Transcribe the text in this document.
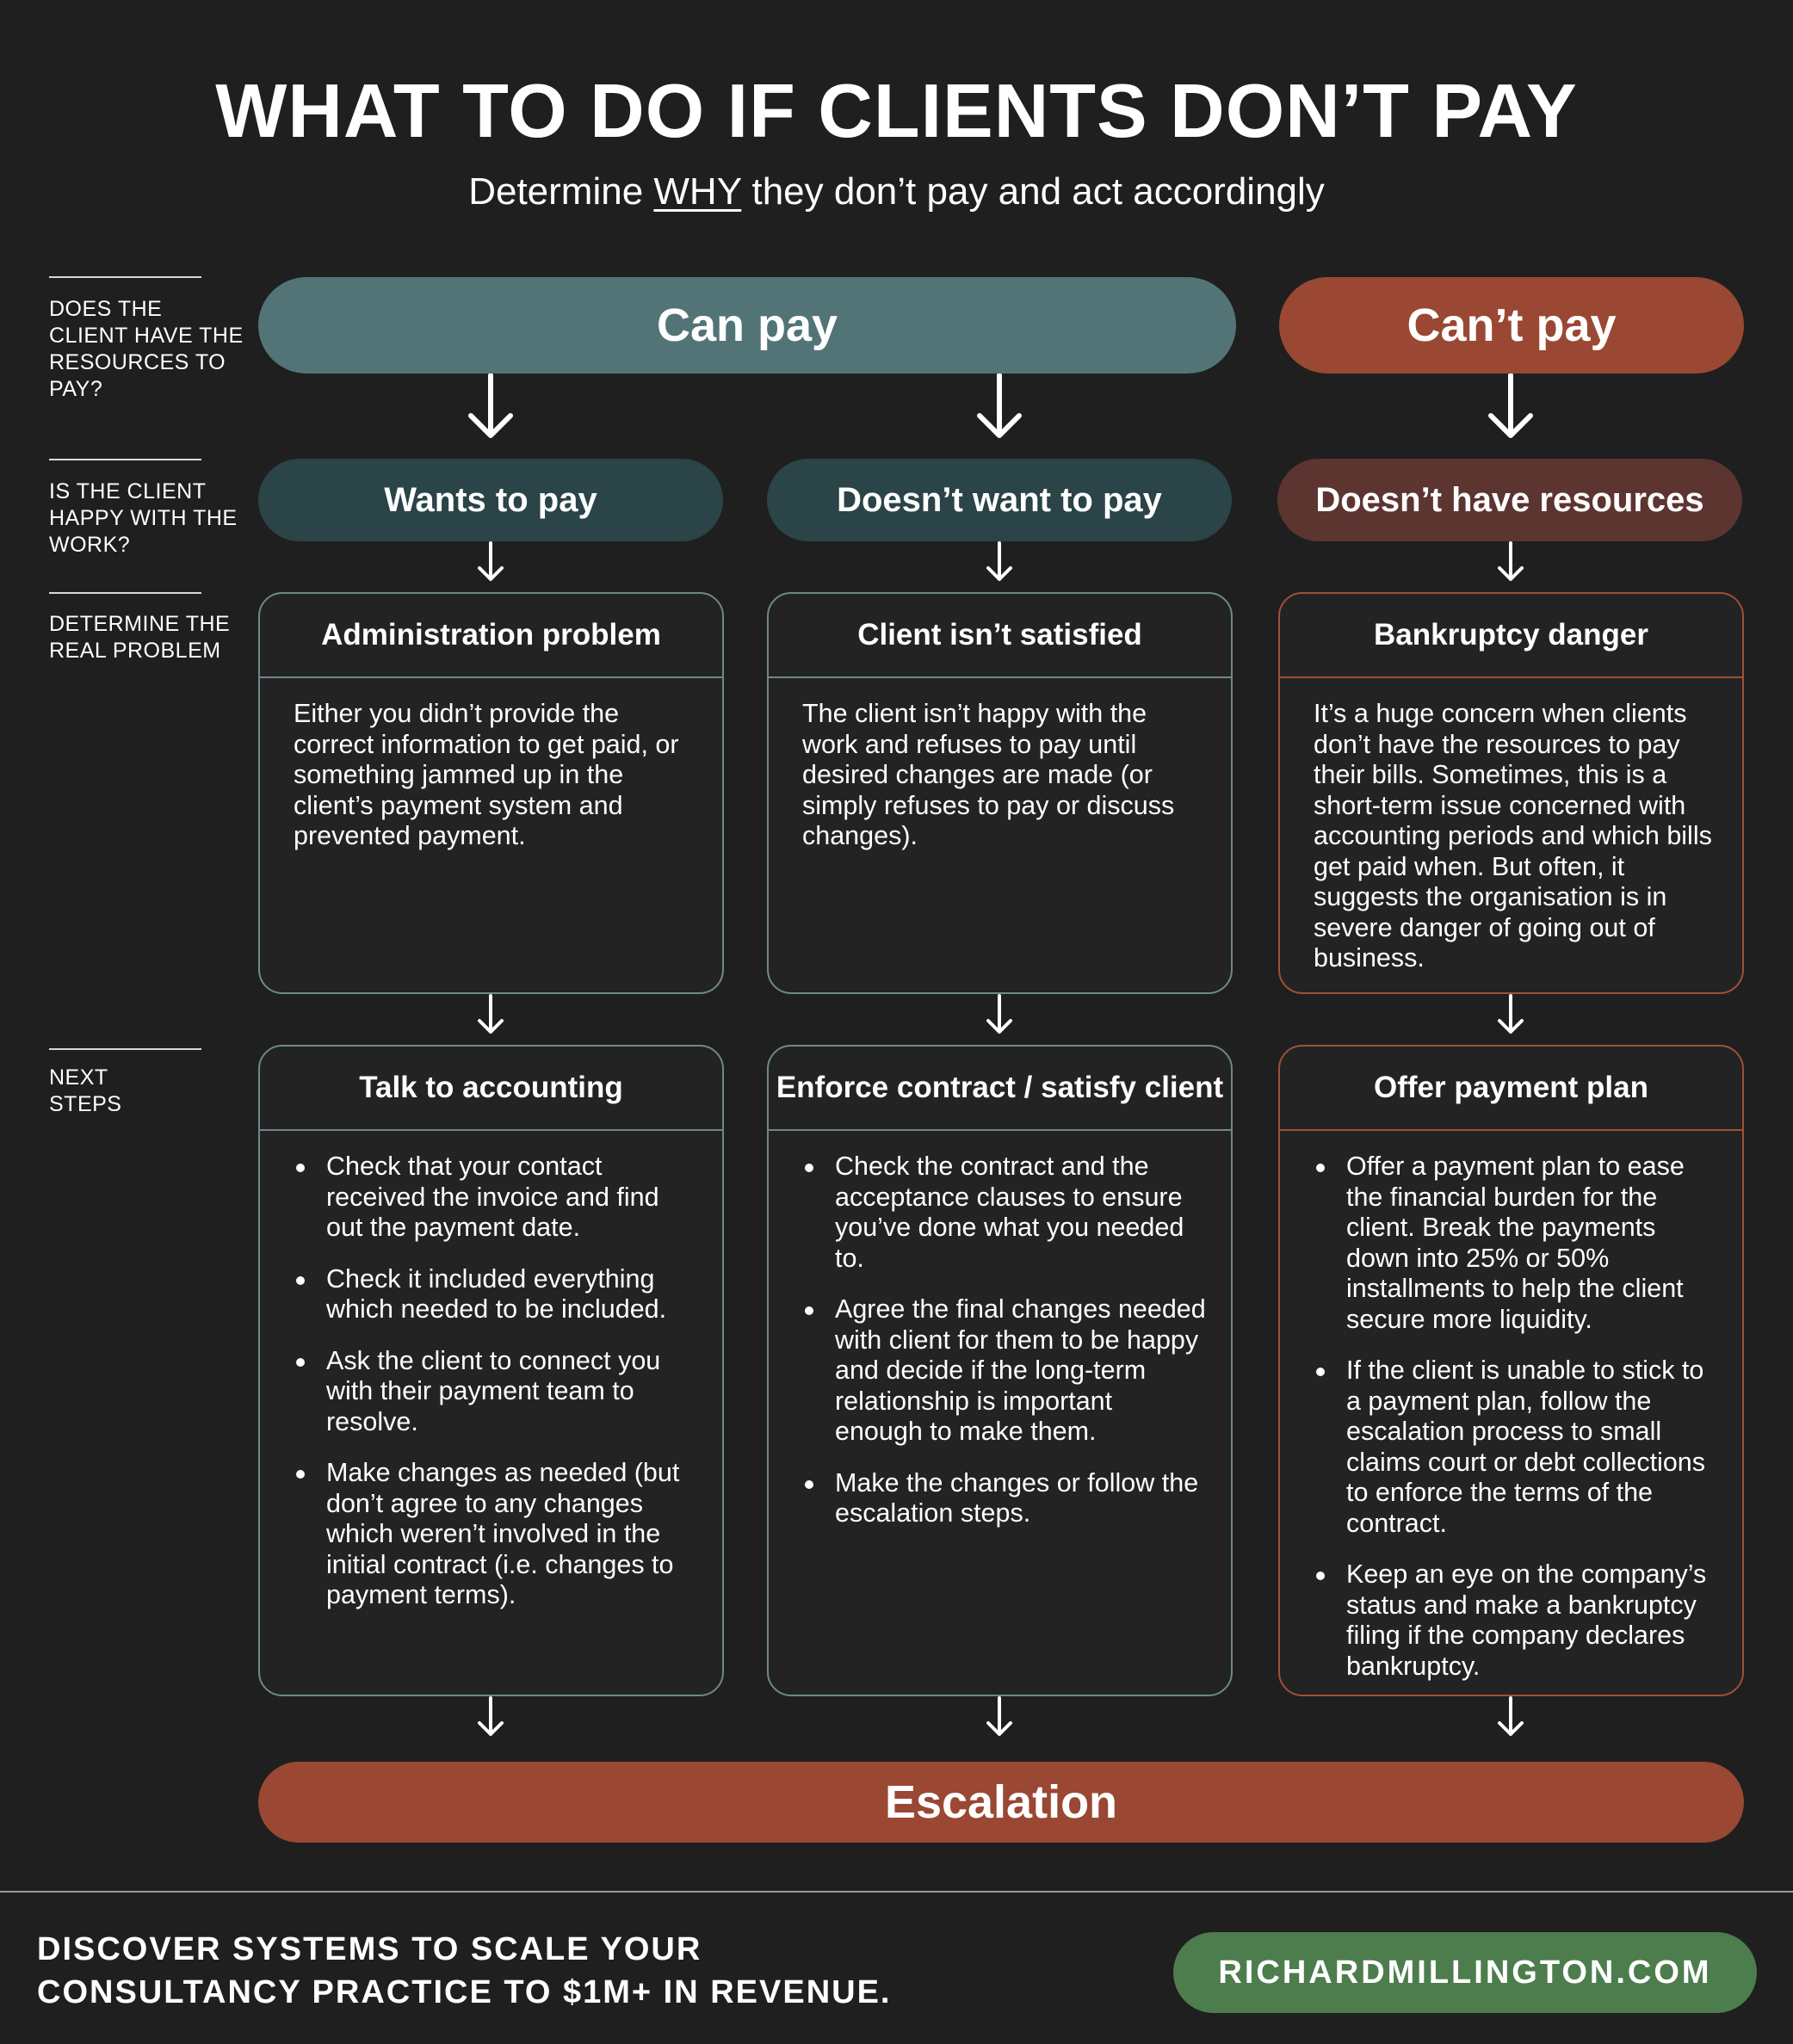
WHAT TO DO IF CLIENTS DON’T PAY
Determine WHY they don’t pay and act accordingly
DOES THE CLIENT HAVE THE RESOURCES TO PAY?
IS THE CLIENT HAPPY WITH THE WORK?
DETERMINE THE REAL PROBLEM
NEXT STEPS
Can pay	Can’t pay
Wants to pay	Doesn’t want to pay	Doesn’t have resources
Administration problem
Either you didn’t provide the correct information to get paid, or something jammed up in the client’s payment system and prevented payment.
Client isn’t satisfied
The client isn’t happy with the work and refuses to pay until desired changes are made (or simply refuses to pay or discuss changes).
Bankruptcy danger
It’s a huge concern when clients don’t have the resources to pay their bills. Sometimes, this is a short-term issue concerned with accounting periods and which bills get paid when. But often, it suggests the organisation is in severe danger of going out of business.
Talk to accounting
Check that your contact received the invoice and find out the payment date.
Check it included everything which needed to be included.
Ask the client to connect you with their payment team to resolve.
Make changes as needed (but don’t agree to any changes which weren’t involved in the initial contract (i.e. changes to payment terms).
Enforce contract / satisfy client
Check the contract and the acceptance clauses to ensure you’ve done what you needed to.
Agree the final changes needed with client for them to be happy and decide if the long-term relationship is important enough to make them.
Make the changes or follow the escalation steps.
Offer payment plan
Offer a payment plan to ease the financial burden for the client. Break the payments down into 25% or 50% installments to help the client secure more liquidity.
If the client is unable to stick to a payment plan, follow the escalation process to small claims court or debt collections to enforce the terms of the contract.
Keep an eye on the company’s status and make a bankruptcy filing if the company declares bankruptcy.
Escalation
DISCOVER SYSTEMS TO SCALE YOUR
CONSULTANCY PRACTICE TO $1M+ IN REVENUE.
RICHARDMILLINGTON.COM
